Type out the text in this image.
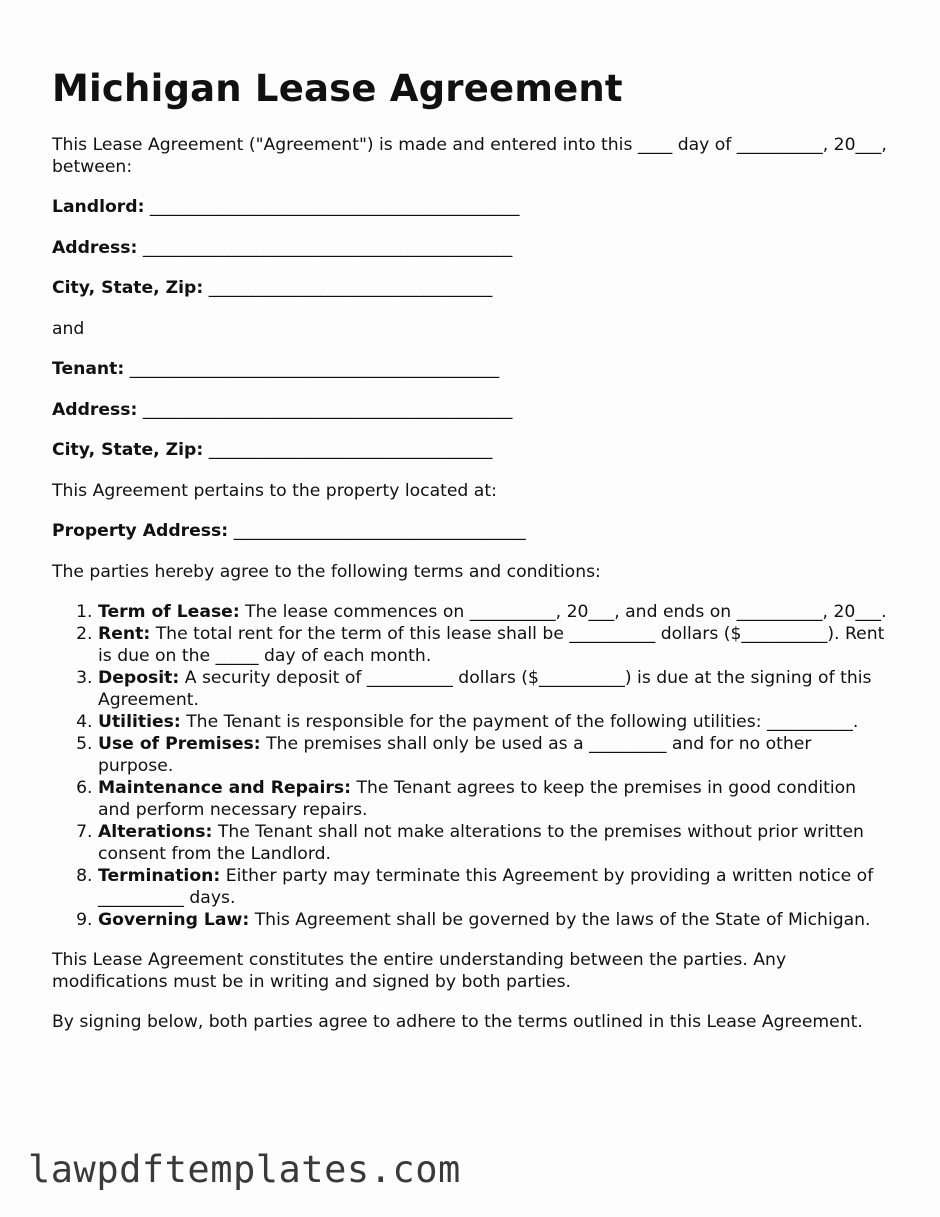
Michigan Lease Agreement

This Lease Agreement ("Agreement") is made and entered into this ____ day of __________, 20___, between:

Landlord: ___________________________________________

Address: ___________________________________________

City, State, Zip: _________________________________

and

Tenant: ___________________________________________

Address: ___________________________________________

City, State, Zip: _________________________________

This Agreement pertains to the property located at:

Property Address: __________________________________

The parties hereby agree to the following terms and conditions:

1. Term of Lease: The lease commences on __________, 20___, and ends on __________, 20___.
2. Rent: The total rent for the term of this lease shall be __________ dollars ($__________). Rent is due on the _____ day of each month.
3. Deposit: A security deposit of __________ dollars ($__________) is due at the signing of this Agreement.
4. Utilities: The Tenant is responsible for the payment of the following utilities: __________.
5. Use of Premises: The premises shall only be used as a _________ and for no other purpose.
6. Maintenance and Repairs: The Tenant agrees to keep the premises in good condition and perform necessary repairs.
7. Alterations: The Tenant shall not make alterations to the premises without prior written consent from the Landlord.
8. Termination: Either party may terminate this Agreement by providing a written notice of __________ days.
9. Governing Law: This Agreement shall be governed by the laws of the State of Michigan.

This Lease Agreement constitutes the entire understanding between the parties. Any modifications must be in writing and signed by both parties.

By signing below, both parties agree to adhere to the terms outlined in this Lease Agreement.

lawpdftemplates.com
